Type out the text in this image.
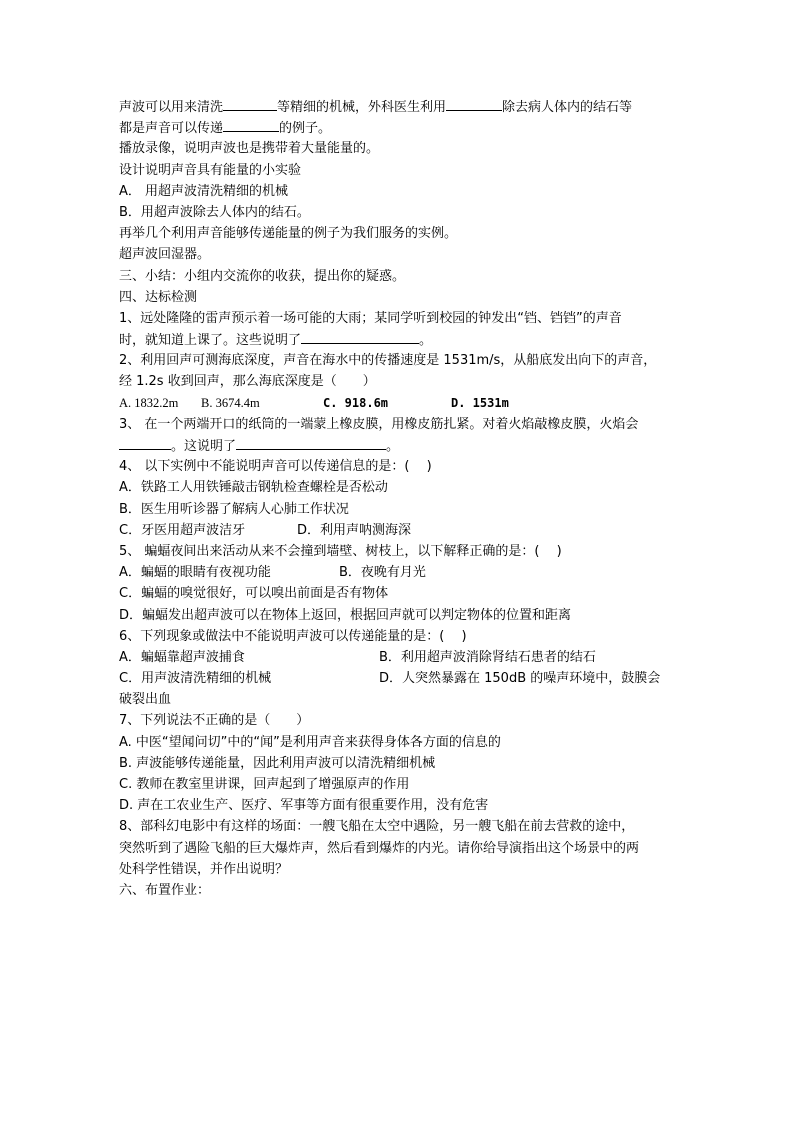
声波可以用来清洗	等精细的机械，外科医生利用	除去病人体内的结石等
都是声音可以传递	的例子。
播放录像，说明声波也是携带着大量能量的。
设计说明声音具有能量的小实验
A． 用超声波清洗精细的机械
B．用超声波除去人体内的结石。
再举几个利用声音能够传递能量的例子为我们服务的实例。
超声波回湿器。
三、小结：小组内交流你的收获，提出你的疑惑。
四、达标检测
1、远处隆隆的雷声预示着一场可能的大雨；某同学听到校园的钟发出“铛、铛铛”的声音
时，就知道上课了。这些说明了	。
2、利用回声可测海底深度，声音在海水中的传播速度是 1531m/s，从船底发出向下的声音，
经 1.2s 收到回声，那么海底深度是（　　）
A. 1832.2m	B. 3674.4m	C. 918.6m	D. 1531m
3、 在一个两端开口的纸筒的一端蒙上橡皮膜，用橡皮筋扎紧。对着火焰敲橡皮膜，火焰会
。这说明了	。
4、 以下实例中不能说明声音可以传递信息的是：(　 )
A．铁路工人用铁锤敲击钢轨检查螺栓是否松动
B．医生用听诊器了解病人心肺工作状况
C．牙医用超声波洁牙	D．利用声呐测海深
5、 蝙蝠夜间出来活动从来不会撞到墙壁、树枝上，以下解释正确的是：(　 )
A．蝙蝠的眼睛有夜视功能	B．夜晚有月光
C．蝙蝠的嗅觉很好，可以嗅出前面是否有物体
D．蝙蝠发出超声波可以在物体上返回，根据回声就可以判定物体的位置和距离
6、下列现象或做法中不能说明声波可以传递能量的是：(　 )
A．蝙蝠靠超声波捕食	B．利用超声波消除肾结石患者的结石
C．用声波清洗精细的机械	D．人突然暴露在 150dB 的噪声环境中，鼓膜会
破裂出血
7、下列说法不正确的是（　　）
A. 中医“望闻问切”中的“闻”是利用声音来获得身体各方面的信息的
B. 声波能够传递能量，因此利用声波可以清洗精细机械
C. 教师在教室里讲课，回声起到了增强原声的作用
D. 声在工农业生产、医疗、军事等方面有很重要作用，没有危害
8、部科幻电影中有这样的场面：一艘飞船在太空中遇险，另一艘飞船在前去营救的途中，
突然听到了遇险飞船的巨大爆炸声，然后看到爆炸的内光。请你给导演指出这个场景中的两
处科学性错误，并作出说明？
六、布置作业：
